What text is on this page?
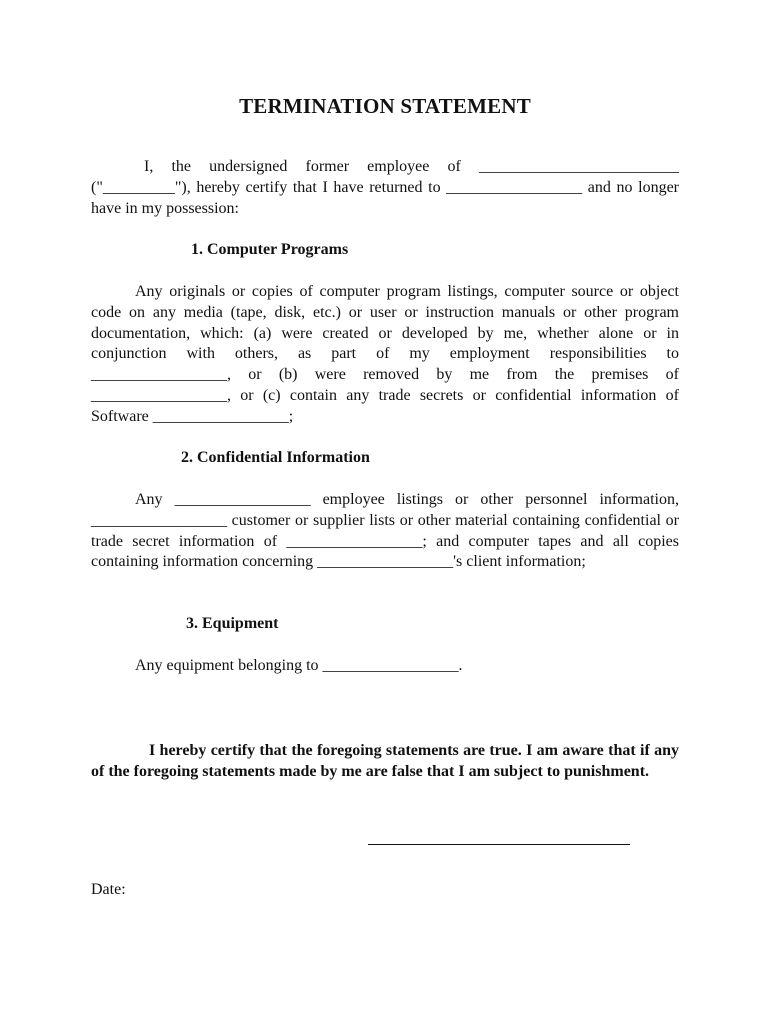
TERMINATION STATEMENT
I, the undersigned former employee of _________________________ ("_________"), hereby certify that I have returned to _________________ and no longer have in my possession:
1. Computer Programs
Any originals or copies of computer program listings, computer source or object code on any media (tape, disk, etc.) or user or instruction manuals or other program documentation, which: (a) were created or developed by me, whether alone or in conjunction with others, as part of my employment responsibilities to _________________, or (b) were removed by me from the premises of _________________, or (c) contain any trade secrets or confidential information of Software _________________;
2. Confidential Information
Any _________________ employee listings or other personnel information, _________________ customer or supplier lists or other material containing confidential or trade secret information of _________________; and computer tapes and all copies containing information concerning _________________'s client information;
3. Equipment
Any equipment belonging to _________________.
I hereby certify that the foregoing statements are true. I am aware that if any of the foregoing statements made by me are false that I am subject to punishment.
Date:
